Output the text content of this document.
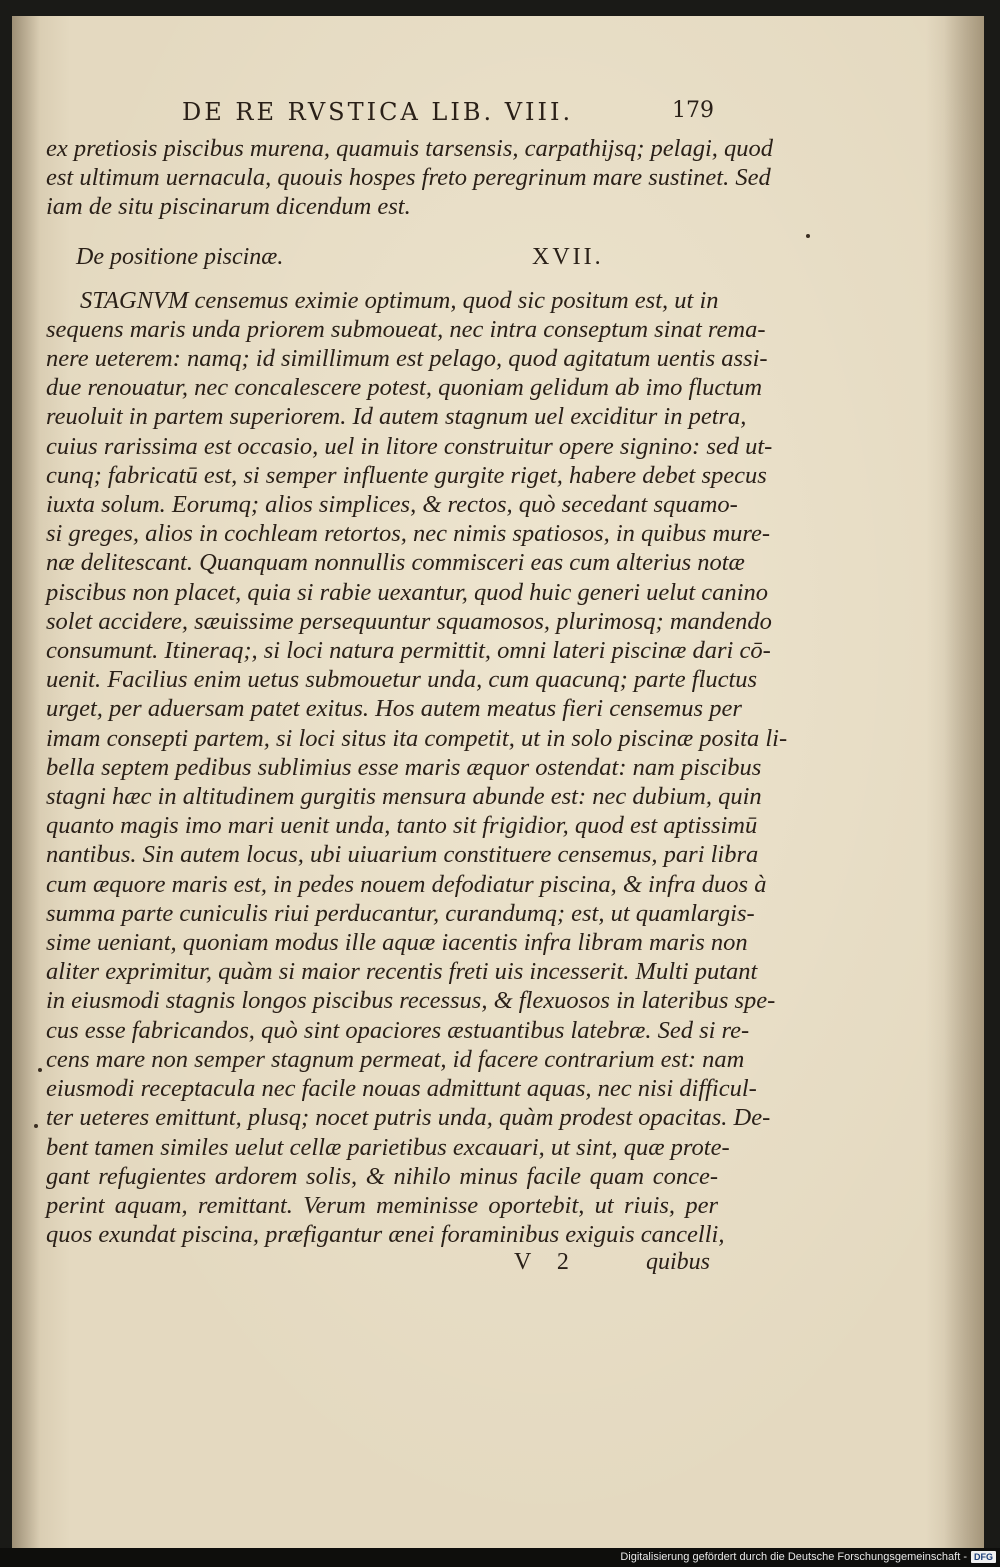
DE RE RVSTICA LIB. VIII.	179
ex pretiosis piscibus murena, quamuis tarsensis, carpathijsq; pelagi, quod
est ultimum uernacula, quouis hospes freto peregrinum mare sustinet. Sed
iam de situ piscinarum dicendum est.
De positione piscinæ.	XVII.
STAGNVM censemus eximie optimum, quod sic positum est, ut in
sequens maris unda priorem submoueat, nec intra conseptum sinat rema-
nere ueterem: namq; id simillimum est pelago, quod agitatum uentis assi-
due renouatur, nec concalescere potest, quoniam gelidum ab imo fluctum
reuoluit in partem superiorem. Id autem stagnum uel exciditur in petra,
cuius rarissima est occasio, uel in litore construitur opere signino: sed ut-
cunq; fabricatū est, si semper influente gurgite riget, habere debet specus
iuxta solum. Eorumq; alios simplices, & rectos, quò secedant squamo-
si greges, alios in cochleam retortos, nec nimis spatiosos, in quibus mure-
næ delitescant. Quanquam nonnullis commisceri eas cum alterius notæ
piscibus non placet, quia si rabie uexantur, quod huic generi uelut canino
solet accidere, sæuissime persequuntur squamosos, plurimosq; mandendo
consumunt. Itineraq;, si loci natura permittit, omni lateri piscinæ dari cō-
uenit. Facilius enim uetus submouetur unda, cum quacunq; parte fluctus
urget, per aduersam patet exitus. Hos autem meatus fieri censemus per
imam consepti partem, si loci situs ita competit, ut in solo piscinæ posita li-
bella septem pedibus sublimius esse maris æquor ostendat: nam piscibus
stagni hæc in altitudinem gurgitis mensura abunde est: nec dubium, quin
quanto magis imo mari uenit unda, tanto sit frigidior, quod est aptissimū
nantibus. Sin autem locus, ubi uiuarium constituere censemus, pari libra
cum æquore maris est, in pedes nouem defodiatur piscina, & infra duos à
summa parte cuniculis riui perducantur, curandumq; est, ut quamlargis-
sime ueniant, quoniam modus ille aquæ iacentis infra libram maris non
aliter exprimitur, quàm si maior recentis freti uis incesserit. Multi putant
in eiusmodi stagnis longos piscibus recessus, & flexuosos in lateribus spe-
cus esse fabricandos, quò sint opaciores æstuantibus latebræ. Sed si re-
cens mare non semper stagnum permeat, id facere contrarium est: nam
eiusmodi receptacula nec facile nouas admittunt aquas, nec nisi difficul-
ter ueteres emittunt, plusq; nocet putris unda, quàm prodest opacitas. De-
bent tamen similes uelut cellæ parietibus excauari, ut sint, quæ prote-
gant refugientes ardorem solis, & nihilo minus facile quam conce-
perint aquam, remittant. Verum meminisse oportebit, ut riuis, per
quos exundat piscina, præfigantur ænei foraminibus exiguis cancelli,
V 2	quibus
Digitalisierung gefördert durch die Deutsche Forschungsgemeinschaft - DFG
